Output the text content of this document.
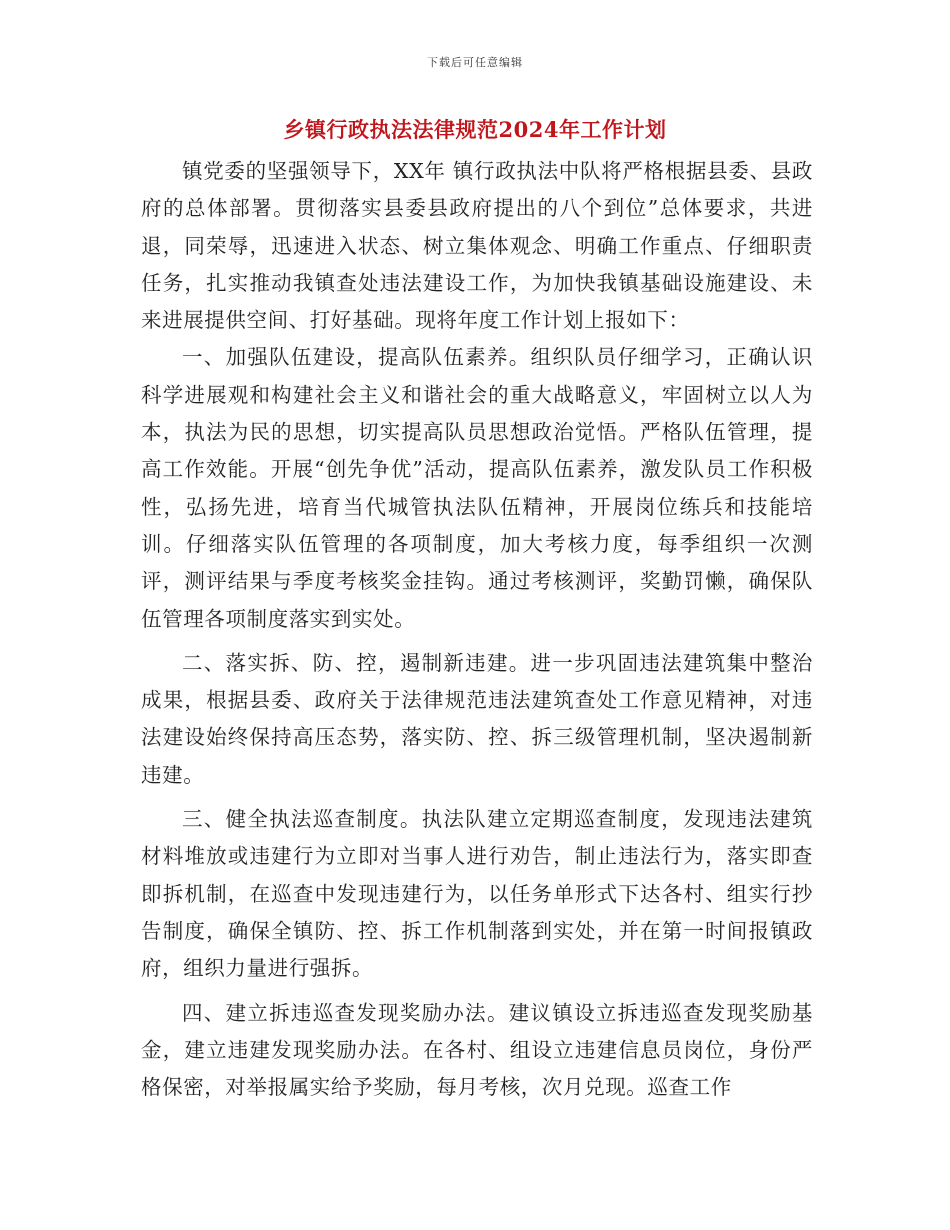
下载后可任意编辑
乡镇行政执法法律规范2024年工作计划

镇党委的坚强领导下，XX年 镇行政执法中队将严格根据县委、县政府的总体部署。贯彻落实县委县政府提出的八个到位”总体要求，共进退，同荣辱，迅速进入状态、树立集体观念、明确工作重点、仔细职责任务，扎实推动我镇查处违法建设工作，为加快我镇基础设施建设、未来进展提供空间、打好基础。现将年度工作计划上报如下：

一、加强队伍建设，提高队伍素养。组织队员仔细学习，正确认识科学进展观和构建社会主义和谐社会的重大战略意义，牢固树立以人为本，执法为民的思想，切实提高队员思想政治觉悟。严格队伍管理，提高工作效能。开展“创先争优”活动，提高队伍素养，激发队员工作积极性，弘扬先进，培育当代城管执法队伍精神，开展岗位练兵和技能培训。仔细落实队伍管理的各项制度，加大考核力度，每季组织一次测评，测评结果与季度考核奖金挂钩。通过考核测评，奖勤罚懒，确保队伍管理各项制度落实到实处。

二、落实拆、防、控，遏制新违建。进一步巩固违法建筑集中整治成果，根据县委、政府关于法律规范违法建筑查处工作意见精神，对违法建设始终保持高压态势，落实防、控、拆三级管理机制，坚决遏制新违建。

三、健全执法巡查制度。执法队建立定期巡查制度，发现违法建筑材料堆放或违建行为立即对当事人进行劝告，制止违法行为，落实即查即拆机制，在巡查中发现违建行为，以任务单形式下达各村、组实行抄告制度，确保全镇防、控、拆工作机制落到实处，并在第一时间报镇政府，组织力量进行强拆。

四、建立拆违巡查发现奖励办法。建议镇设立拆违巡查发现奖励基金，建立违建发现奖励办法。在各村、组设立违建信息员岗位，身份严格保密，对举报属实给予奖励，每月考核，次月兑现。巡查工作
